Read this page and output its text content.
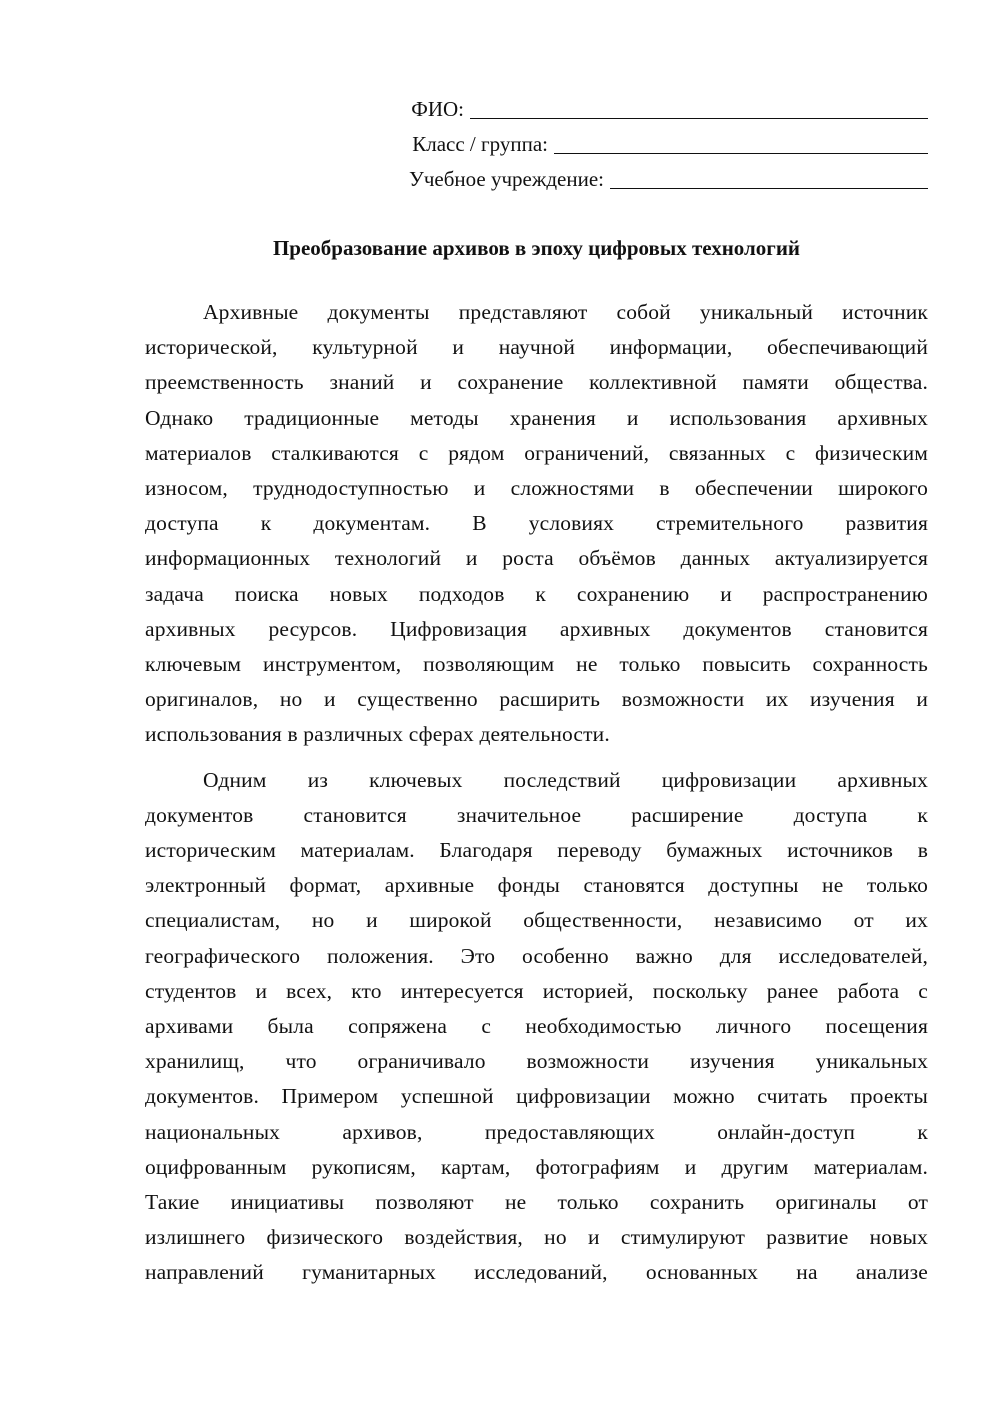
ФИО:
Класс / группа:
Учебное учреждение:
Преобразование архивов в эпоху цифровых технологий
Архивные документы представляют собой уникальный источник
исторической, культурной и научной информации, обеспечивающий
преемственность знаний и сохранение коллективной памяти общества.
Однако традиционные методы хранения и использования архивных
материалов сталкиваются с рядом ограничений, связанных с физическим
износом, труднодоступностью и сложностями в обеспечении широкого
доступа к документам. В условиях стремительного развития
информационных технологий и роста объёмов данных актуализируется
задача поиска новых подходов к сохранению и распространению
архивных ресурсов. Цифровизация архивных документов становится
ключевым инструментом, позволяющим не только повысить сохранность
оригиналов, но и существенно расширить возможности их изучения и
использования в различных сферах деятельности.
Одним из ключевых последствий цифровизации архивных
документов становится значительное расширение доступа к
историческим материалам. Благодаря переводу бумажных источников в
электронный формат, архивные фонды становятся доступны не только
специалистам, но и широкой общественности, независимо от их
географического положения. Это особенно важно для исследователей,
студентов и всех, кто интересуется историей, поскольку ранее работа с
архивами была сопряжена с необходимостью личного посещения
хранилищ, что ограничивало возможности изучения уникальных
документов. Примером успешной цифровизации можно считать проекты
национальных архивов, предоставляющих онлайн-доступ к
оцифрованным рукописям, картам, фотографиям и другим материалам.
Такие инициативы позволяют не только сохранить оригиналы от
излишнего физического воздействия, но и стимулируют развитие новых
направлений гуманитарных исследований, основанных на анализе
